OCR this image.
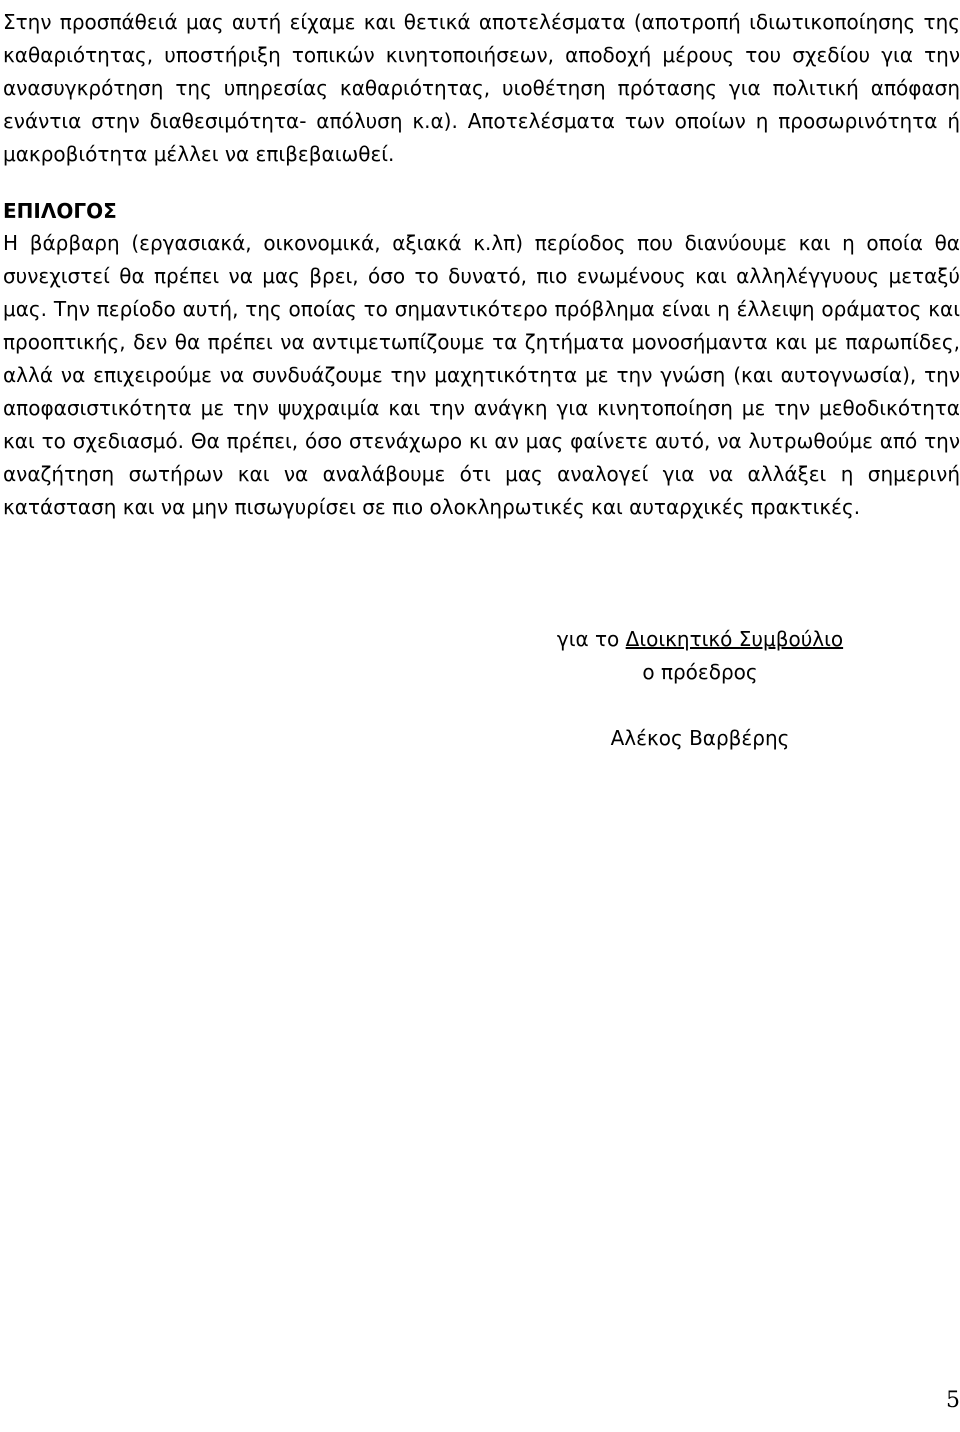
Στην προσπάθειά μας αυτή είχαμε και θετικά αποτελέσματα (αποτροπή ιδιωτικοποίησης της καθαριότητας, υποστήριξη τοπικών κινητοποιήσεων, αποδοχή μέρους του σχεδίου για την ανασυγκρότηση της υπηρεσίας καθαριότητας, υιοθέτηση πρότασης για πολιτική απόφαση ενάντια στην διαθεσιμότητα- απόλυση κ.α). Αποτελέσματα των οποίων η προσωρινότητα ή μακροβιότητα μέλλει να επιβεβαιωθεί.

ΕΠΙΛΟΓΟΣ

Η βάρβαρη (εργασιακά, οικονομικά, αξιακά κ.λπ) περίοδος που διανύουμε και η οποία θα συνεχιστεί θα πρέπει να μας βρει, όσο το δυνατό, πιο ενωμένους και αλληλέγγυους μεταξύ μας. Την περίοδο αυτή, της οποίας το σημαντικότερο πρόβλημα είναι η έλλειψη οράματος και προοπτικής, δεν θα πρέπει να αντιμετωπίζουμε τα ζητήματα μονοσήμαντα και με παρωπίδες, αλλά να επιχειρούμε να συνδυάζουμε την μαχητικότητα με την γνώση (και αυτογνωσία), την αποφασιστικότητα με την ψυχραιμία και την ανάγκη για κινητοποίηση με την μεθοδικότητα και το σχεδιασμό. Θα πρέπει, όσο στενάχωρο κι αν μας φαίνετε αυτό, να λυτρωθούμε από την αναζήτηση σωτήρων και να αναλάβουμε ότι μας αναλογεί για να αλλάξει η σημερινή κατάσταση και να μην πισωγυρίσει σε πιο ολοκληρωτικές και αυταρχικές πρακτικές.

για το Διοικητικό Συμβούλιο
ο πρόεδρος
Αλέκος Βαρβέρης
5
